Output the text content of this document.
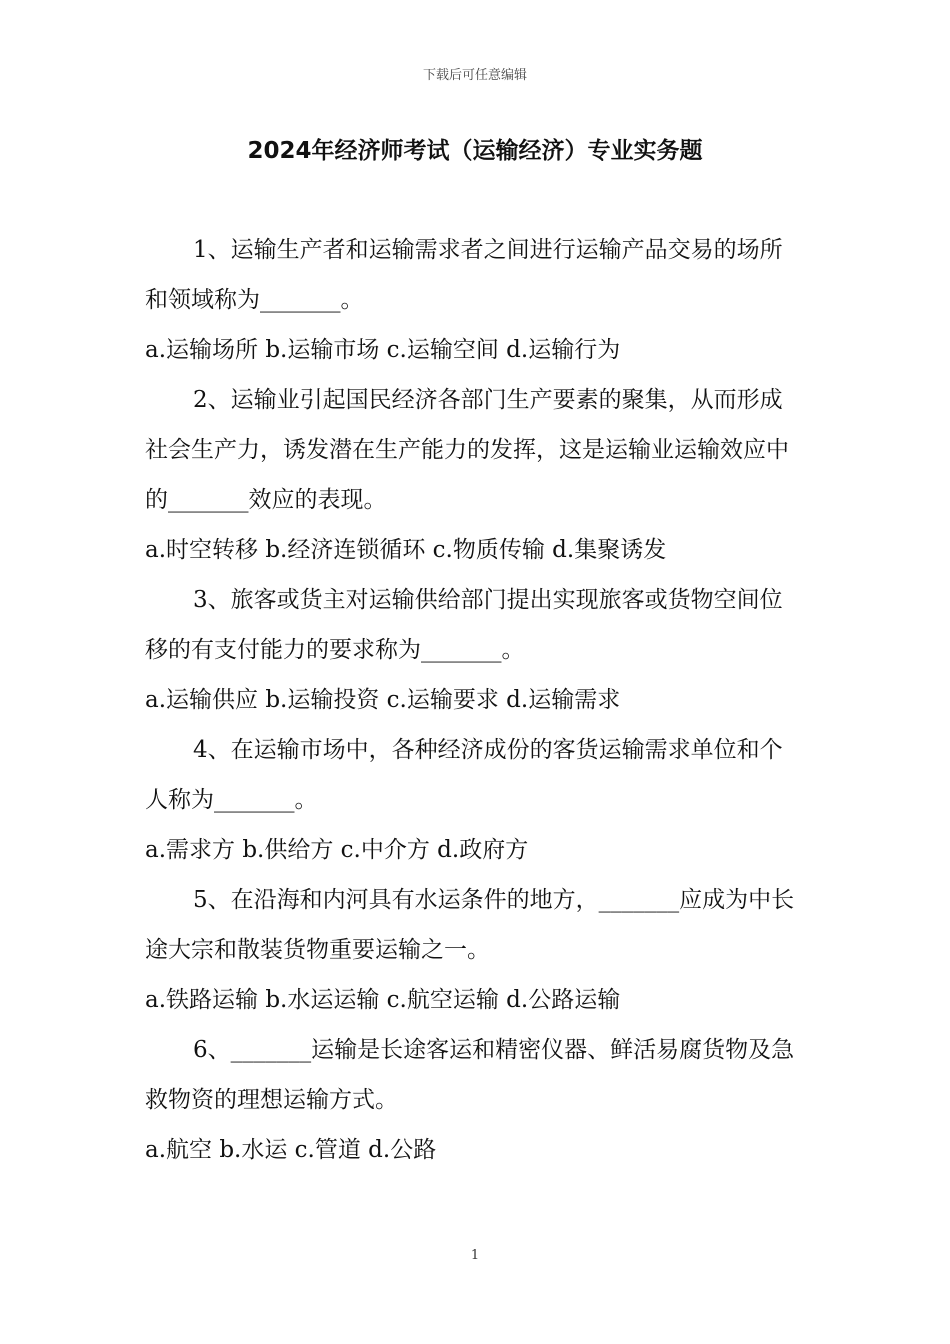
下载后可任意编辑
2024年经济师考试（运输经济）专业实务题

1、运输生产者和运输需求者之间进行运输产品交易的场所和领域称为_______。

a.运输场所 b.运输市场 c.运输空间 d.运输行为

2、运输业引起国民经济各部门生产要素的聚集，从而形成社会生产力，诱发潜在生产能力的发挥，这是运输业运输效应中的_______效应的表现。

a.时空转移 b.经济连锁循环 c.物质传输 d.集聚诱发

3、旅客或货主对运输供给部门提出实现旅客或货物空间位移的有支付能力的要求称为_______。

a.运输供应 b.运输投资 c.运输要求 d.运输需求

4、在运输市场中，各种经济成份的客货运输需求单位和个人称为_______。

a.需求方 b.供给方 c.中介方 d.政府方

5、在沿海和内河具有水运条件的地方，_______应成为中长途大宗和散装货物重要运输之一。

a.铁路运输 b.水运运输 c.航空运输 d.公路运输

6、_______运输是长途客运和精密仪器、鲜活易腐货物及急救物资的理想运输方式。

a.航空 b.水运 c.管道 d.公路

1
